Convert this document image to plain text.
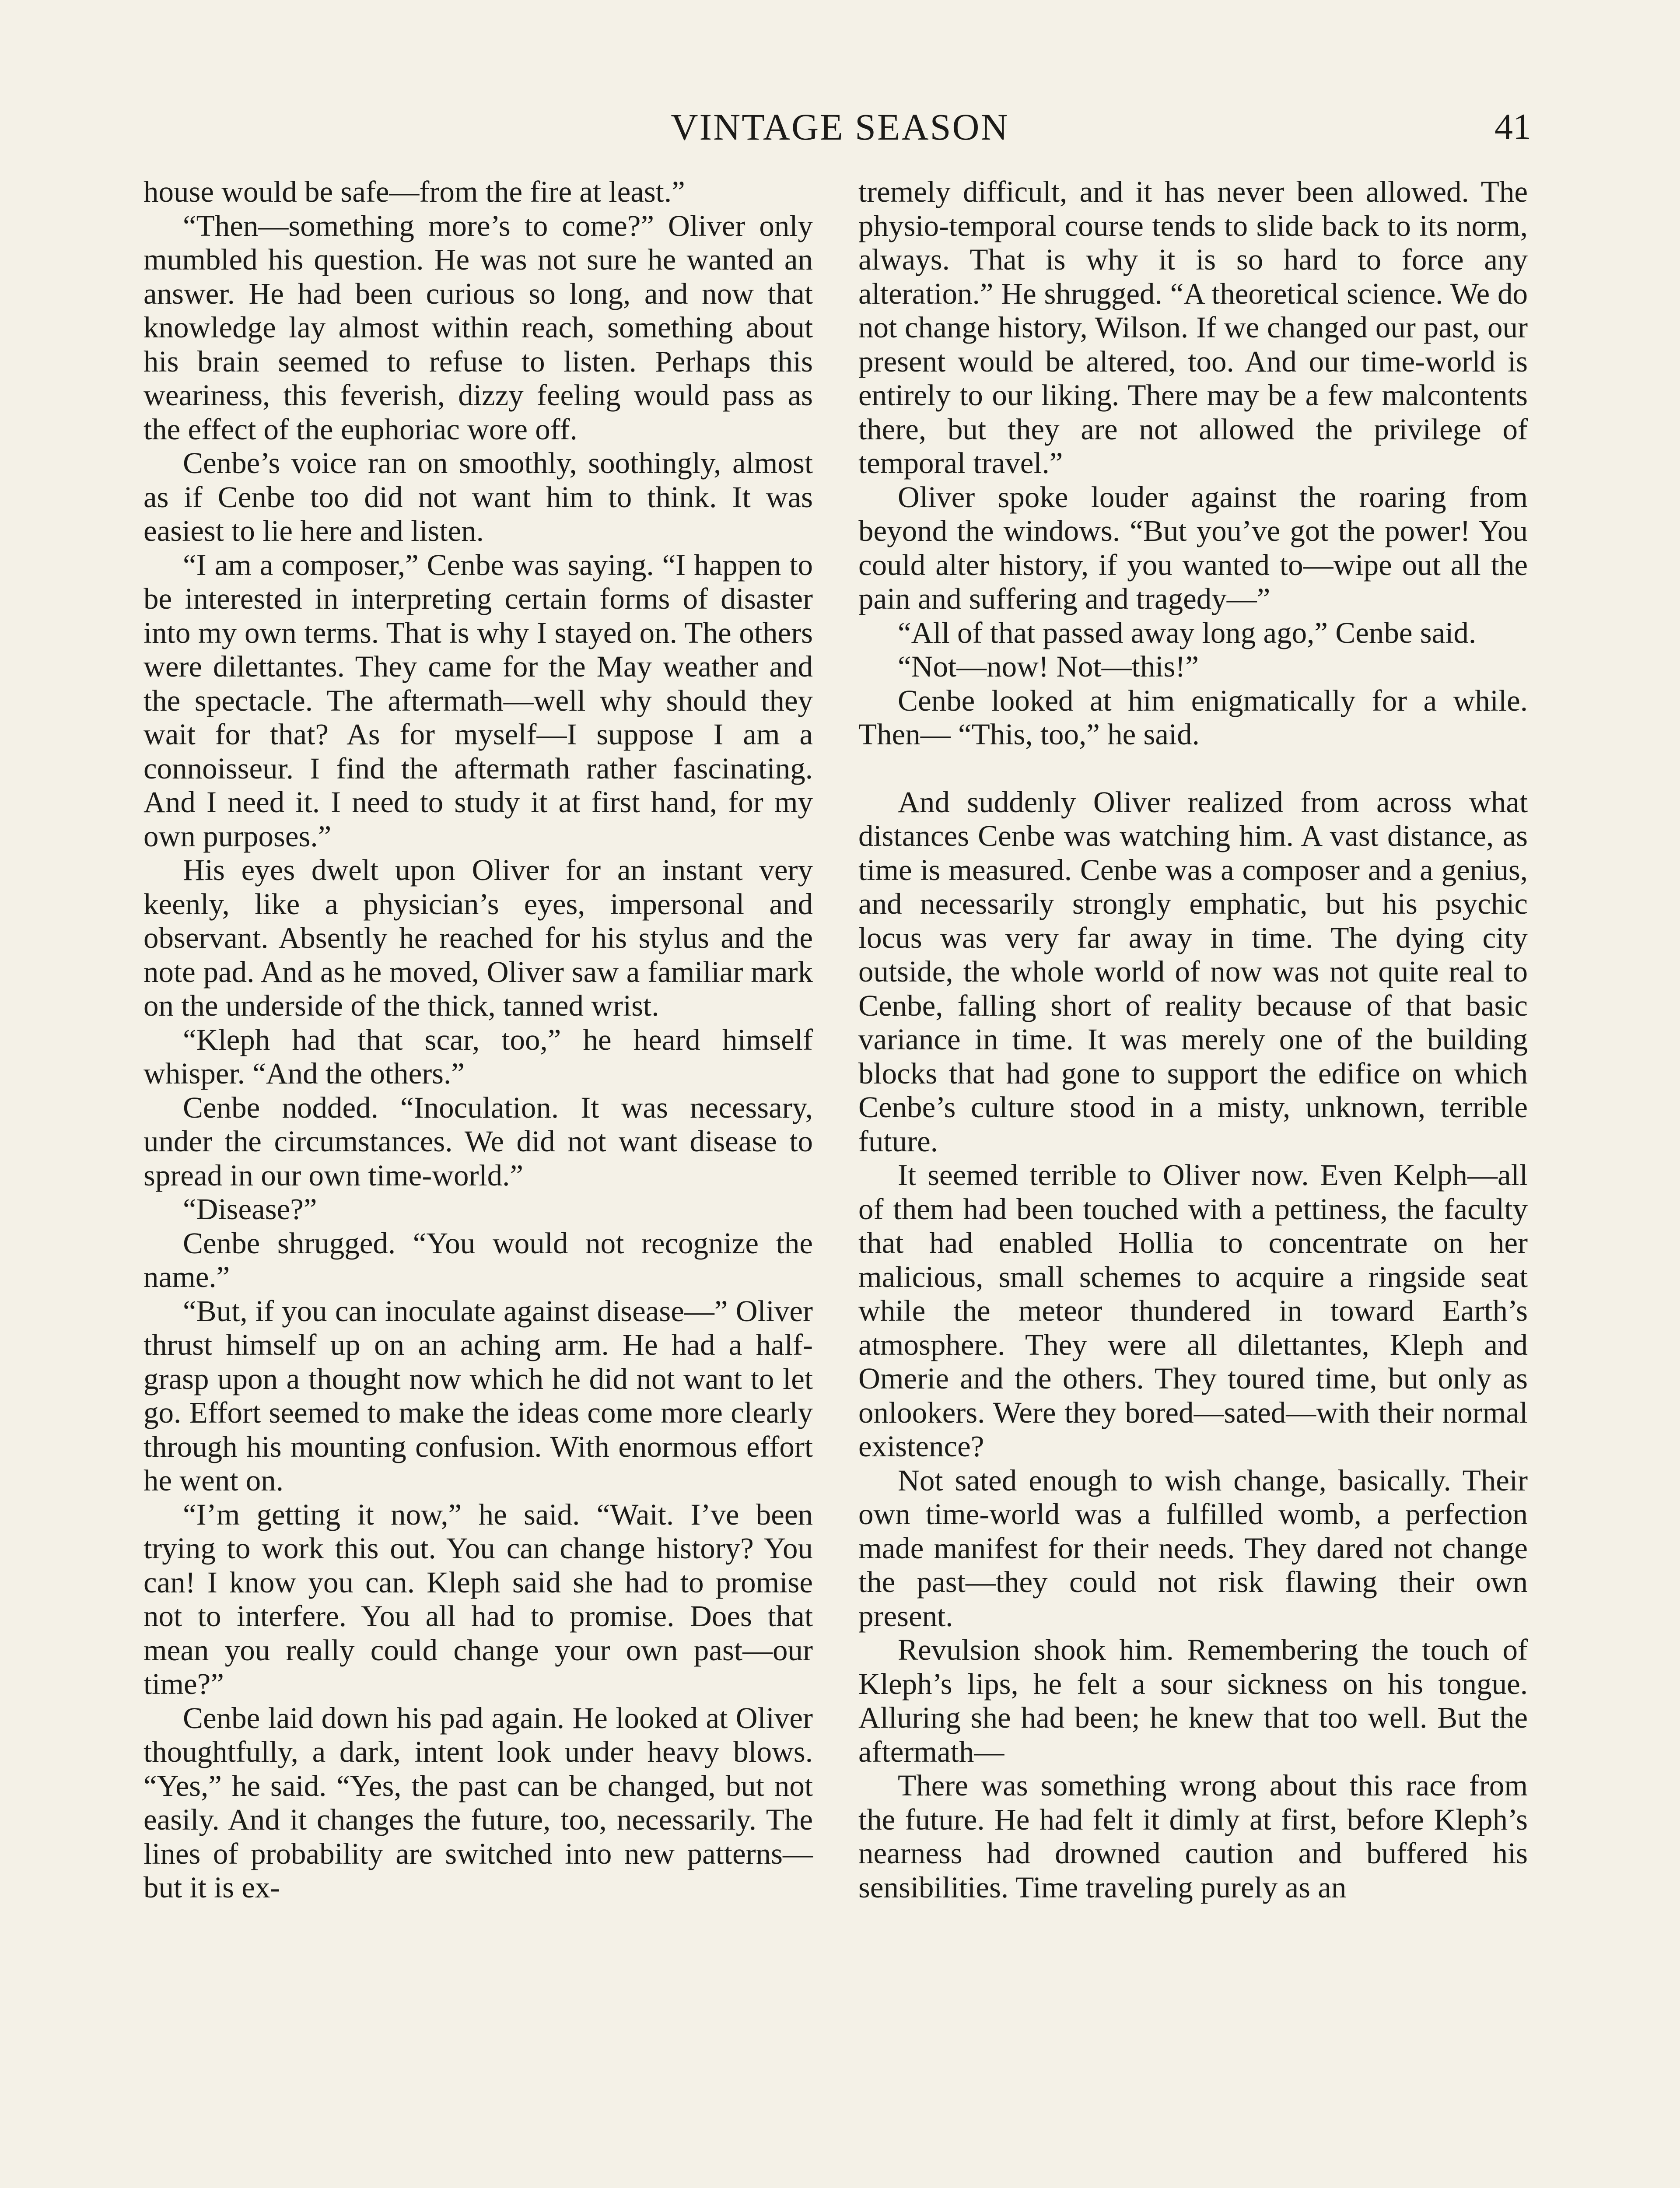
VINTAGE SEASON	41

house would be safe—from the fire at least.”

“Then—something more’s to come?” Oliver only mumbled his question. He was not sure he wanted an answer. He had been curious so long, and now that knowledge lay almost within reach, something about his brain seemed to refuse to listen. Perhaps this weariness, this feverish, dizzy feeling would pass as the effect of the euphoriac wore off.

Cenbe’s voice ran on smoothly, soothingly, almost as if Cenbe too did not want him to think. It was easiest to lie here and listen.

“I am a composer,” Cenbe was saying. “I happen to be interested in interpreting certain forms of disaster into my own terms. That is why I stayed on. The others were dilettantes. They came for the May weather and the spectacle. The aftermath—well why should they wait for that? As for myself—I suppose I am a connoisseur. I find the aftermath rather fascinating. And I need it. I need to study it at first hand, for my own purposes.”

His eyes dwelt upon Oliver for an instant very keenly, like a physician’s eyes, impersonal and observant. Absently he reached for his stylus and the note pad. And as he moved, Oliver saw a familiar mark on the underside of the thick, tanned wrist.

“Kleph had that scar, too,” he heard himself whisper. “And the others.”

Cenbe nodded. “Inoculation. It was necessary, under the circumstances. We did not want disease to spread in our own time-world.”

“Disease?”

Cenbe shrugged. “You would not recognize the name.”

“But, if you can inoculate against disease—” Oliver thrust himself up on an aching arm. He had a half-grasp upon a thought now which he did not want to let go. Effort seemed to make the ideas come more clearly through his mounting confusion. With enormous effort he went on.

“I’m getting it now,” he said. “Wait. I’ve been trying to work this out. You can change history? You can! I know you can. Kleph said she had to promise not to interfere. You all had to promise. Does that mean you really could change your own past—our time?”

Cenbe laid down his pad again. He looked at Oliver thoughtfully, a dark, intent look under heavy blows. “Yes,” he said. “Yes, the past can be changed, but not easily. And it changes the future, too, necessarily. The lines of probability are switched into new patterns—but it is ex-

tremely difficult, and it has never been allowed. The physio-temporal course tends to slide back to its norm, always. That is why it is so hard to force any alteration.” He shrugged. “A theoretical science. We do not change history, Wilson. If we changed our past, our present would be altered, too. And our time-world is entirely to our liking. There may be a few malcontents there, but they are not allowed the privilege of temporal travel.”

Oliver spoke louder against the roaring from beyond the windows. “But you’ve got the power! You could alter history, if you wanted to—wipe out all the pain and suffering and tragedy—”

“All of that passed away long ago,” Cenbe said.

“Not—now! Not—this!”

Cenbe looked at him enigmatically for a while. Then— “This, too,” he said.

And suddenly Oliver realized from across what distances Cenbe was watching him. A vast distance, as time is measured. Cenbe was a composer and a genius, and necessarily strongly emphatic, but his psychic locus was very far away in time. The dying city outside, the whole world of now was not quite real to Cenbe, falling short of reality because of that basic variance in time. It was merely one of the building blocks that had gone to support the edifice on which Cenbe’s culture stood in a misty, unknown, terrible future.

It seemed terrible to Oliver now. Even Kelph—all of them had been touched with a pettiness, the faculty that had enabled Hollia to concentrate on her malicious, small schemes to acquire a ringside seat while the meteor thundered in toward Earth’s atmosphere. They were all dilettantes, Kleph and Omerie and the others. They toured time, but only as onlookers. Were they bored—sated—with their normal existence?

Not sated enough to wish change, basically. Their own time-world was a fulfilled womb, a perfection made manifest for their needs. They dared not change the past—they could not risk flawing their own present.

Revulsion shook him. Remembering the touch of Kleph’s lips, he felt a sour sickness on his tongue. Alluring she had been; he knew that too well. But the aftermath—

There was something wrong about this race from the future. He had felt it dimly at first, before Kleph’s nearness had drowned caution and buffered his sensibilities. Time traveling purely as an
